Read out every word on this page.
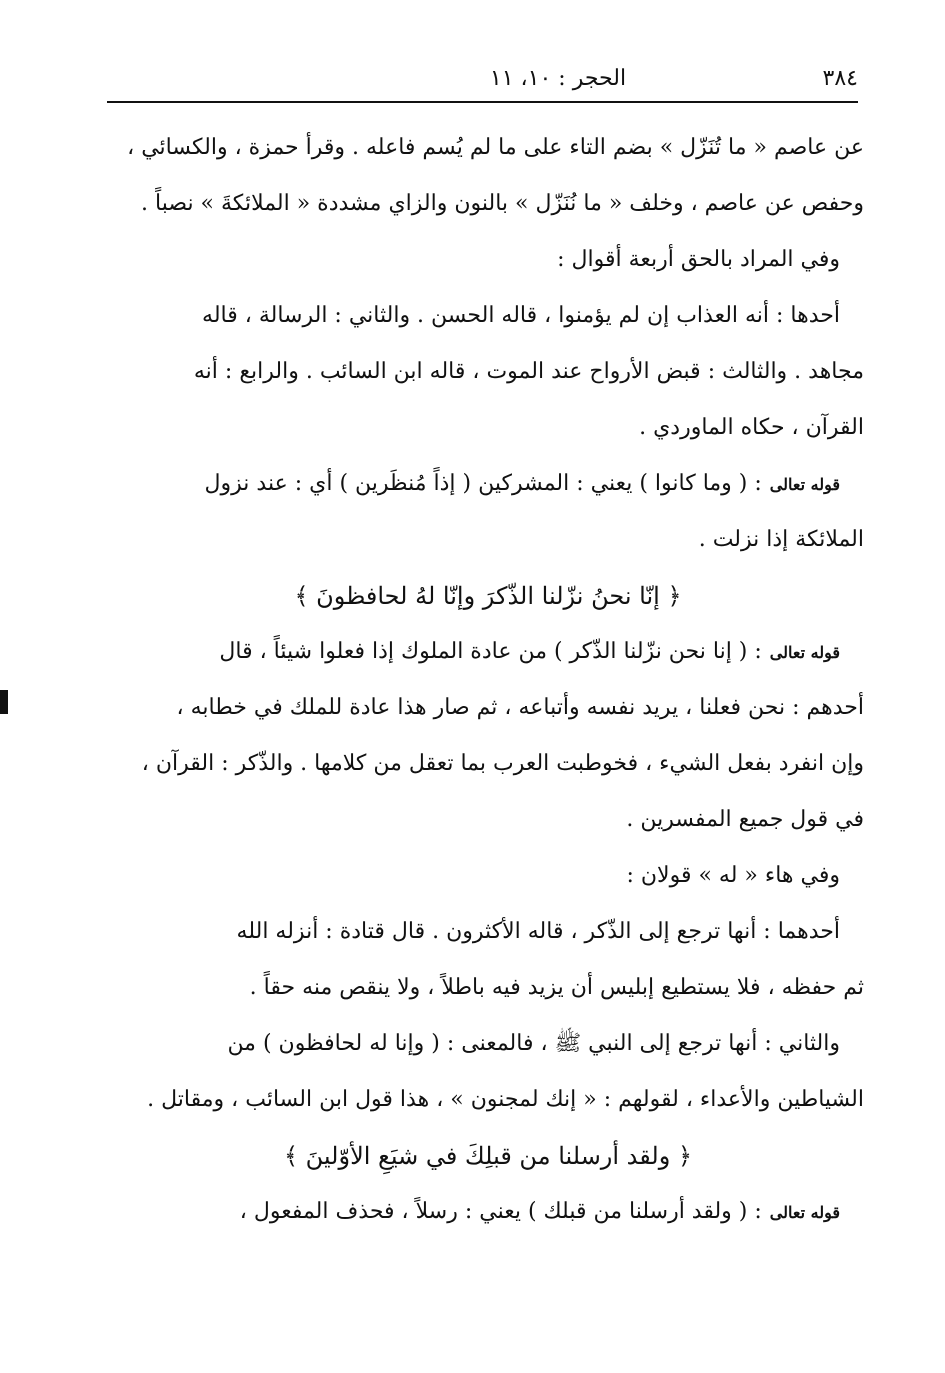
٣٨٤
الحجر : ١٠، ١١
عن عاصم « ما تُنَزّل » بضم التاء على ما لم يُسم فاعله . وقرأ حمزة ، والكسائي ،
وحفص عن عاصم ، وخلف « ما نُنَزّل » بالنون والزاي مشددة « الملائكةَ » نصباً .
وفي المراد بالحق أربعة أقوال :
أحدها : أنه العذاب إن لم يؤمنوا ، قاله الحسن . والثاني : الرسالة ، قاله
مجاهد . والثالث : قبض الأرواح عند الموت ، قاله ابن السائب . والرابع : أنه
القرآن ، حكاه الماوردي .
قوله تعالى: ( وما كانوا ) يعني : المشركين ( إذاً مُنظَرين ) أي : عند نزول
الملائكة إذا نزلت .
﴿ إنّا نحنُ نزّلنا الذّكرَ وإنّا لهُ لحافظونَ ﴾
قوله تعالى: ( إنا نحن نزّلنا الذّكر ) من عادة الملوك إذا فعلوا شيئاً ، قال
أحدهم : نحن فعلنا ، يريد نفسه وأتباعه ، ثم صار هذا عادة للملك في خطابه ،
وإن انفرد بفعل الشيء ، فخوطبت العرب بما تعقل من كلامها . والذّكر : القرآن ،
في قول جميع المفسرين .
وفي هاء « له » قولان :
أحدهما : أنها ترجع إلى الذّكر ، قاله الأكثرون . قال قتادة : أنزله الله
ثم حفظه ، فلا يستطيع إبليس أن يزيد فيه باطلاً ، ولا ينقص منه حقاً .
والثاني : أنها ترجع إلى النبي ﷺ ، فالمعنى : ( وإنا له لحافظون ) من
الشياطين والأعداء ، لقولهم : « إنك لمجنون » ، هذا قول ابن السائب ، ومقاتل .
﴿ ولقد أرسلنا من قبلِكَ في شيَعِ الأوّلينَ ﴾
قوله تعالى: ( ولقد أرسلنا من قبلك ) يعني : رسلاً ، فحذف المفعول ،
